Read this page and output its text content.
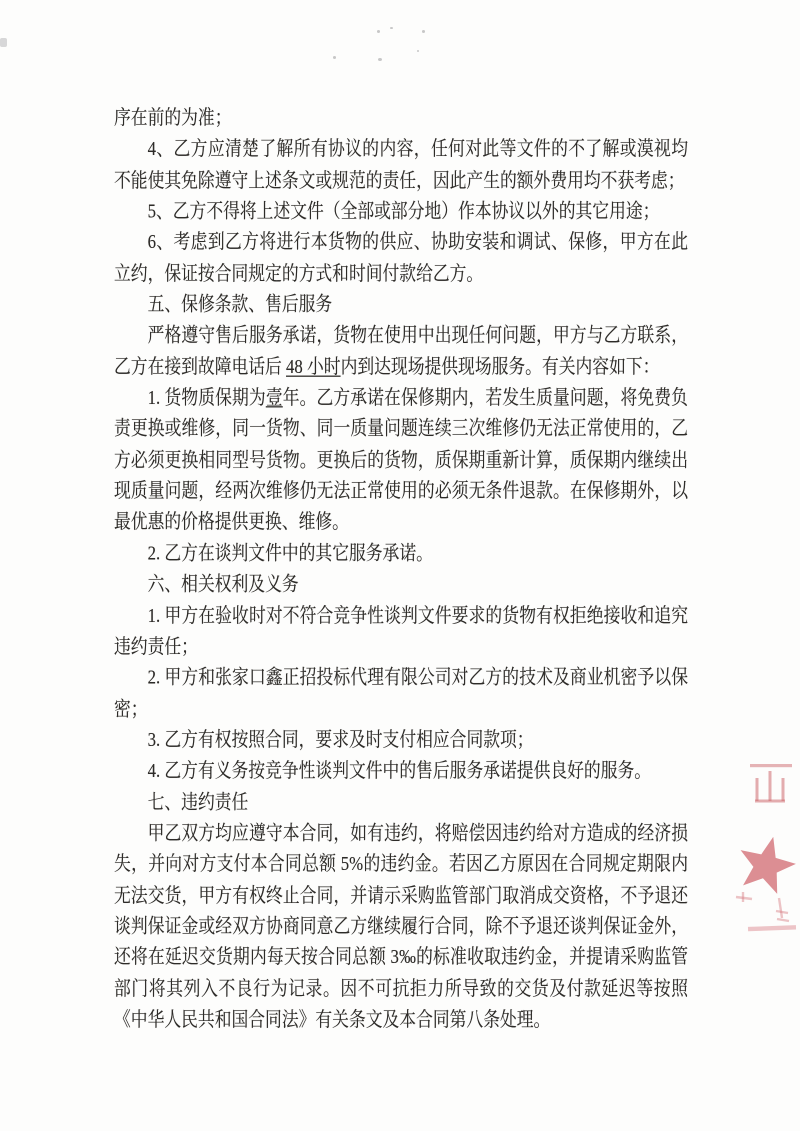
序在前的为准；

4、乙方应清楚了解所有协议的内容，任何对此等文件的不了解或漠视均不能使其免除遵守上述条文或规范的责任，因此产生的额外费用均不获考虑；

5、乙方不得将上述文件（全部或部分地）作本协议以外的其它用途；

6、考虑到乙方将进行本货物的供应、协助安装和调试、保修，甲方在此立约，保证按合同规定的方式和时间付款给乙方。

五、保修条款、售后服务

严格遵守售后服务承诺，货物在使用中出现任何问题，甲方与乙方联系，乙方在接到故障电话后 48 小时内到达现场提供现场服务。有关内容如下：

1. 货物质保期为壹年。乙方承诺在保修期内，若发生质量问题，将免费负责更换或维修，同一货物、同一质量问题连续三次维修仍无法正常使用的，乙方必须更换相同型号货物。更换后的货物，质保期重新计算，质保期内继续出现质量问题，经两次维修仍无法正常使用的必须无条件退款。在保修期外，以最优惠的价格提供更换、维修。

2. 乙方在谈判文件中的其它服务承诺。

六、相关权利及义务

1. 甲方在验收时对不符合竞争性谈判文件要求的货物有权拒绝接收和追究违约责任；

2. 甲方和张家口鑫正招投标代理有限公司对乙方的技术及商业机密予以保密；

3. 乙方有权按照合同，要求及时支付相应合同款项；

4. 乙方有义务按竞争性谈判文件中的售后服务承诺提供良好的服务。

七、违约责任

甲乙双方均应遵守本合同，如有违约，将赔偿因违约给对方造成的经济损失，并向对方支付本合同总额 5%的违约金。若因乙方原因在合同规定期限内无法交货，甲方有权终止合同，并请示采购监管部门取消成交资格，不予退还谈判保证金或经双方协商同意乙方继续履行合同，除不予退还谈判保证金外，还将在延迟交货期内每天按合同总额 3‰的标准收取违约金，并提请采购监管部门将其列入不良行为记录。因不可抗拒力所导致的交货及付款延迟等按照《中华人民共和国合同法》有关条文及本合同第八条处理。
